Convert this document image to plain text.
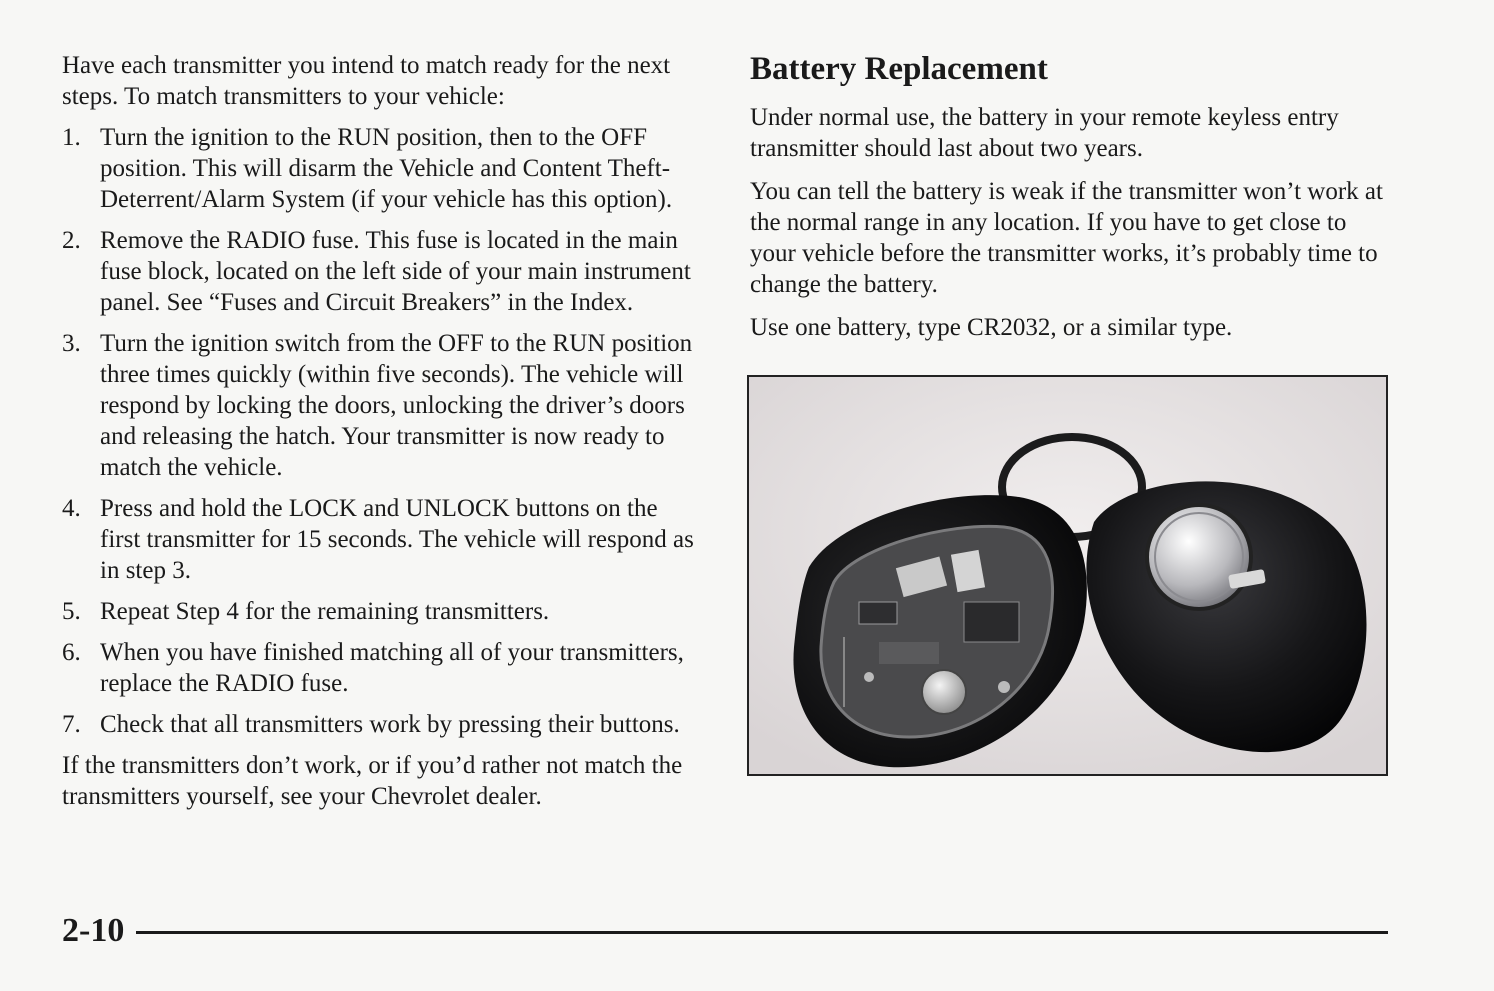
Have each transmitter you intend to match ready for the next steps. To match transmitters to your vehicle:

1. Turn the ignition to the RUN position, then to the OFF position. This will disarm the Vehicle and Content Theft-Deterrent/Alarm System (if your vehicle has this option).
2. Remove the RADIO fuse. This fuse is located in the main fuse block, located on the left side of your main instrument panel. See “Fuses and Circuit Breakers” in the Index.
3. Turn the ignition switch from the OFF to the RUN position three times quickly (within five seconds). The vehicle will respond by locking the doors, unlocking the driver’s doors and releasing the hatch. Your transmitter is now ready to match the vehicle.
4. Press and hold the LOCK and UNLOCK buttons on the first transmitter for 15 seconds. The vehicle will respond as in step 3.
5. Repeat Step 4 for the remaining transmitters.
6. When you have finished matching all of your transmitters, replace the RADIO fuse.
7. Check that all transmitters work by pressing their buttons.

If the transmitters don’t work, or if you’d rather not match the transmitters yourself, see your Chevrolet dealer.

Battery Replacement

Under normal use, the battery in your remote keyless entry transmitter should last about two years.

You can tell the battery is weak if the transmitter won’t work at the normal range in any location. If you have to get close to your vehicle before the transmitter works, it’s probably time to change the battery.

Use one battery, type CR2032, or a similar type.

2-10
